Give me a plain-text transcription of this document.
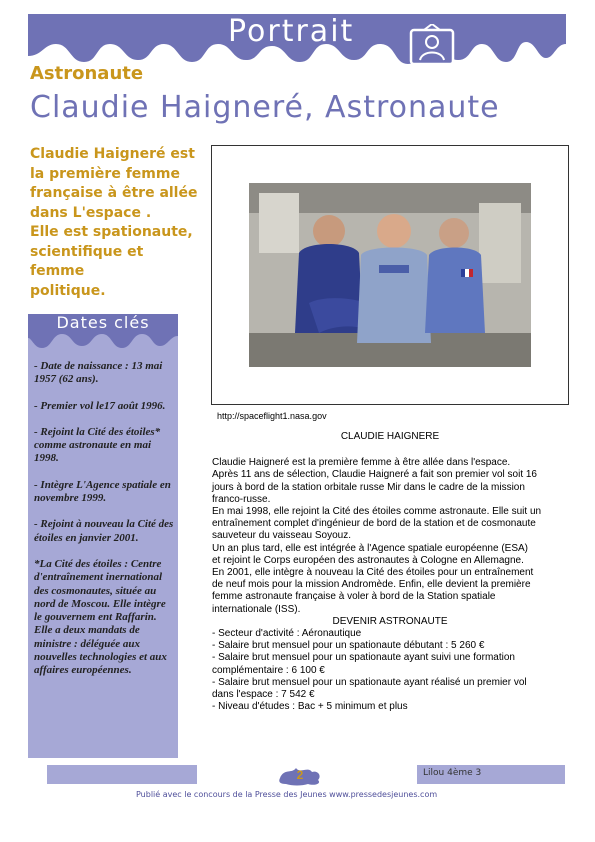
Portrait
Astronaute
Claudie Haigneré, Astronaute

Claudie Haigneré est

la première femme

française à être allée

dans L'espace .

Elle est spationaute,

scientifique et femme

politique.

Dates clés

- Date de naissance : 13 mai 1957 (62 ans).

- Premier vol le17 août 1996.

- Rejoint la Cité des étoiles* comme astronaute en mai 1998.

- Intègre L'Agence spatiale en novembre 1999.

- Rejoint à nouveau la Cité des étoiles en janvier 2001.

*La Cité des étoiles : Centre d'entraînement inernational des cosmonautes, située au nord de Moscou. Elle intègre le gouvernem ent Raffarin. Elle a deux mandats de ministre : déléguée aux nouvelles technologies et aux affaires européennes.

http://spaceflight1.nasa.gov

CLAUDIE HAIGNERE

Claudie Haigneré est la première femme à être allée dans l'espace.

Après 11 ans de sélection, Claudie Haigneré a fait son premier vol soit 16

jours à bord de la station orbitale russe Mir dans le cadre de la mission

franco-russe.

En mai 1998, elle rejoint la Cité des étoiles comme astronaute. Elle suit un

entraînement complet d'ingénieur de bord de la station et de cosmonaute

sauveteur du vaisseau Soyouz.

Un an plus tard, elle est intégrée à l'Agence spatiale européenne (ESA)

et rejoint le Corps européen des astronautes à Cologne en Allemagne.

En 2001, elle intègre à nouveau la Cité des étoiles pour un entraînement

de neuf mois pour la mission Andromède. Enfin, elle devient la première

femme astronaute française à voler à bord de la Station spatiale

internationale (ISS).

DEVENIR ASTRONAUTE

- Secteur d'activité : Aéronautique

- Salaire brut mensuel pour un spationaute débutant : 5 260 €

- Salaire brut mensuel pour un spationaute ayant suivi une formation

complémentaire : 6 100 €

- Salaire brut mensuel pour un spationaute ayant réalisé un premier vol

dans l'espace : 7 542 €

- Niveau d'études : Bac + 5 minimum et plus

2	Lilou 4ème 3
Publié avec le concours de la Presse des Jeunes www.pressedesjeunes.com
